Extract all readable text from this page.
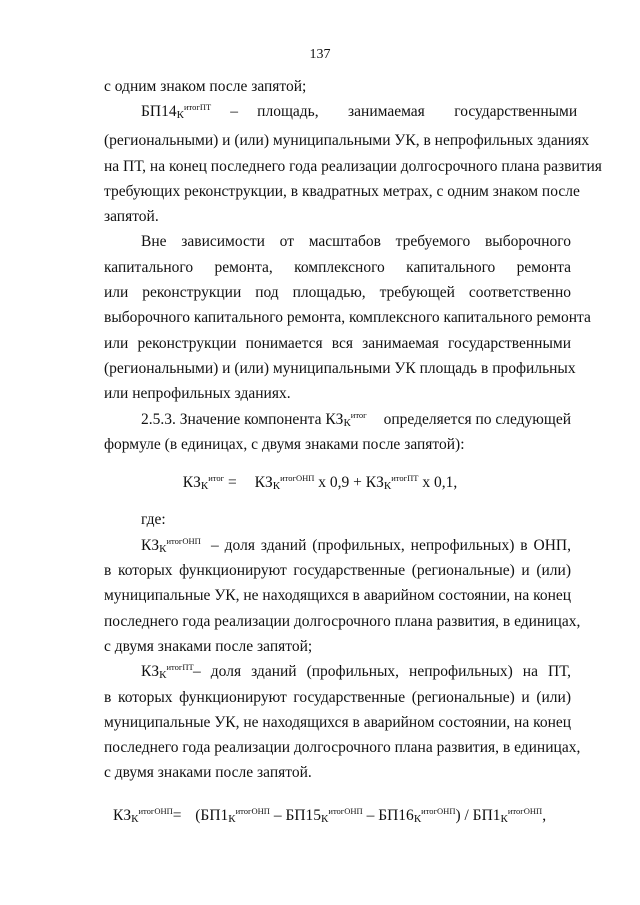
137
с одним знаком после запятой;
$БП14К^{итогПТ}$ – площадь, занимаемая государственными
(региональными) и (или) муниципальными УК, в непрофильных зданиях
на ПТ, на конец последнего года реализации долгосрочного плана развития
требующих реконструкции, в квадратных метрах, с одним знаком после
запятой.
Вне зависимости от масштабов требуемого выборочного
капитального ремонта, комплексного капитального ремонта
или реконструкции под площадью, требующей соответственно
выборочного капитального ремонта, комплексного капитального ремонта
или реконструкции понимается вся занимаемая государственными
(региональными) и (или) муниципальными УК площадь в профильных
или непрофильных зданиях.
2.5.3. Значение компонента $КЗК^{итог}$ определяется по следующей
формуле (в единицах, с двумя знаками после запятой):
$КЗК^{итог} = КЗК^{итогОНП}$ х $0,9 + КЗК^{итогПТ}$ х 0,1,
где:
$КЗК^{итогОНП}$ – доля зданий (профильных, непрофильных) в ОНП,
в которых функционируют государственные (региональные) и (или)
муниципальные УК, не находящихся в аварийном состоянии, на конец
последнего года реализации долгосрочного плана развития, в единицах,
с двумя знаками после запятой;
$КЗК^{итогПТ}$ – доля зданий (профильных, непрофильных) на ПТ,
в которых функционируют государственные (региональные) и (или)
муниципальные УК, не находящихся в аварийном состоянии, на конец
последнего года реализации долгосрочного плана развития, в единицах,
с двумя знаками после запятой.
$КЗК^{итогОНП}= (БП1К^{итогОНП} - БП15К^{итогОНП} - БП16К^{итогОНП}) / БП1К^{итогОНП}$,
